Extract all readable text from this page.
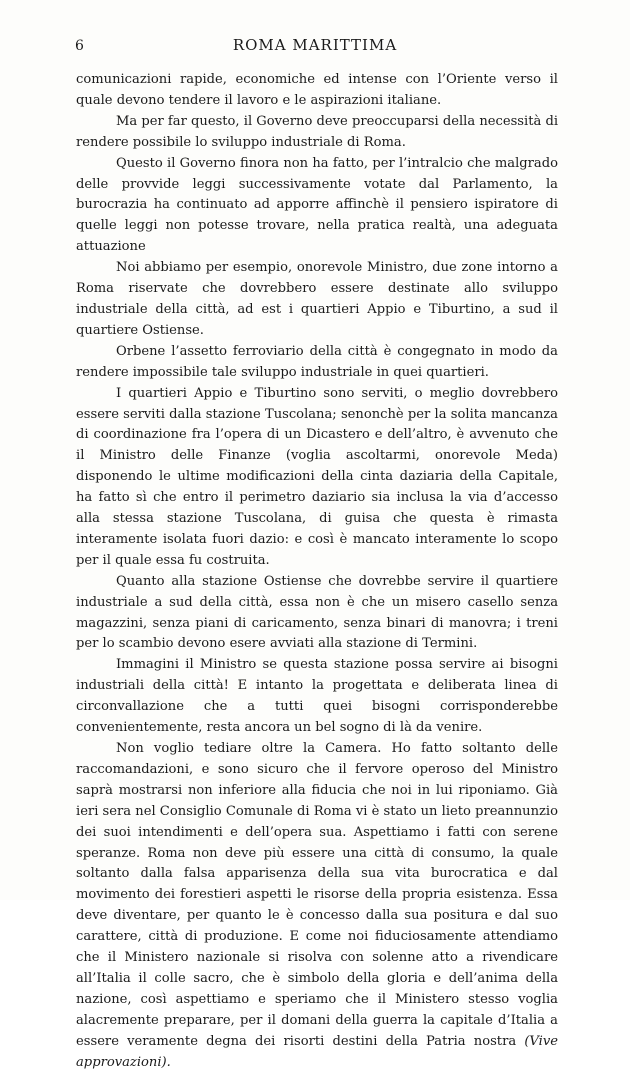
6	ROMA MARITTIMA

comunicazioni rapide, economiche ed intense con l’Oriente verso il quale devono tendere il lavoro e le aspirazioni italiane.

Ma per far questo, il Governo deve preoccuparsi della necessità di rendere possibile lo sviluppo industriale di Roma.

Questo il Governo finora non ha fatto, per l’intralcio che malgrado delle provvide leggi successivamente votate dal Parlamento, la burocrazia ha continuato ad apporre affinchè il pensiero ispiratore di quelle leggi non potesse trovare, nella pratica realtà, una adeguata attuazione

Noi abbiamo per esempio, onorevole Ministro, due zone intorno a Roma riservate che dovrebbero essere destinate allo sviluppo industriale della città, ad est i quartieri Appio e Tiburtino, a sud il quartiere Ostiense.

Orbene l’assetto ferroviario della città è congegnato in modo da rendere impossibile tale sviluppo industriale in quei quartieri.

I quartieri Appio e Tiburtino sono serviti, o meglio dovrebbero essere serviti dalla stazione Tuscolana; senonchè per la solita mancanza di coordinazione fra l’opera di un Dicastero e dell’altro, è avvenuto che il Ministro delle Finanze (voglia ascoltarmi, onorevole Meda) disponendo le ultime modificazioni della cinta daziaria della Capitale, ha fatto sì che entro il perimetro daziario sia inclusa la via d’accesso alla stessa stazione Tuscolana, di guisa che questa è rimasta interamente isolata fuori dazio: e così è mancato interamente lo scopo per il quale essa fu costruita.

Quanto alla stazione Ostiense che dovrebbe servire il quartiere industriale a sud della città, essa non è che un misero casello senza magazzini, senza piani di caricamento, senza binari di manovra; i treni per lo scambio devono esere avviati alla stazione di Termini.

Immagini il Ministro se questa stazione possa servire ai bisogni industriali della città! E intanto la progettata e deliberata linea di circonvallazione che a tutti quei bisogni corrisponderebbe convenientemente, resta ancora un bel sogno di là da venire.

Non voglio tediare oltre la Camera. Ho fatto soltanto delle raccomandazioni, e sono sicuro che il fervore operoso del Ministro saprà mostrarsi non inferiore alla fiducia che noi in lui riponiamo. Già ieri sera nel Consiglio Comunale di Roma vi è stato un lieto preannunzio dei suoi intendimenti e dell’opera sua. Aspettiamo i fatti con serene speranze. Roma non deve più essere una città di consumo, la quale soltanto dalla falsa apparisenza della sua vita burocratica e dal movimento dei forestieri aspetti le risorse della propria esistenza. Essa deve diventare, per quanto le è concesso dalla sua positura e dal suo carattere, città di produzione. E come noi fiduciosamente attendiamo che il Ministero nazionale si risolva con solenne atto a rivendicare all’Italia il colle sacro, che è simbolo della gloria e dell’anima della nazione, così aspettiamo e speriamo che il Ministero stesso voglia alacremente preparare, per il domani della guerra la capitale d’Italia a essere veramente degna dei risorti destini della Patria nostra (Vive approvazioni).
